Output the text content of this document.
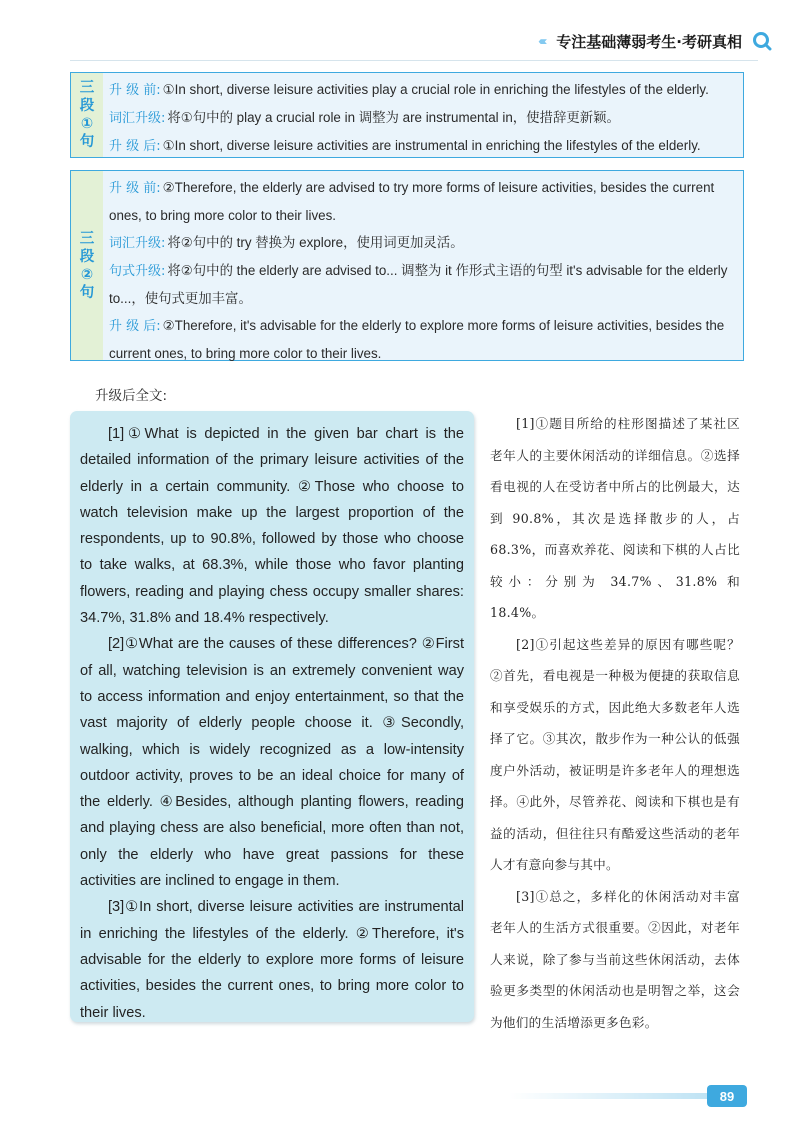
‹‹‹‹‹‹ 专注基础薄弱考生·考研真相
三
段
①
句
升 级 前: ①In short, diverse leisure activities play a crucial role in enriching the lifestyles of the elderly.
词汇升级: 将①句中的 play a crucial role in 调整为 are instrumental in，使措辞更新颖。
升 级 后: ①In short, diverse leisure activities are instrumental in enriching the lifestyles of the elderly.
三
段
②
句
升 级 前: ②Therefore, the elderly are advised to try more forms of leisure activities, besides the current ones, to bring more color to their lives.
词汇升级: 将②句中的 try 替换为 explore，使用词更加灵活。
句式升级: 将②句中的 the elderly are advised to... 调整为 it 作形式主语的句型 it's advisable for the elderly to...，使句式更加丰富。
升 级 后: ②Therefore, it's advisable for the elderly to explore more forms of leisure activities, besides the current ones, to bring more color to their lives.
升级后全文:

[1]①What is depicted in the given bar chart is the detailed information of the primary leisure activities of the elderly in a certain community. ②Those who choose to watch television make up the largest proportion of the respondents, up to 90.8%, followed by those who choose to take walks, at 68.3%, while those who favor planting flowers, reading and playing chess occupy smaller shares: 34.7%, 31.8% and 18.4% respectively.

[2]①What are the causes of these differences? ②First of all, watching television is an extremely convenient way to access information and enjoy entertainment, so that the vast majority of elderly people choose it. ③Secondly, walking, which is widely recognized as a low-intensity outdoor activity, proves to be an ideal choice for many of the elderly. ④Besides, although planting flowers, reading and playing chess are also beneficial, more often than not, only the elderly who have great passions for these activities are inclined to engage in them.

[3]①In short, diverse leisure activities are instrumental in enriching the lifestyles of the elderly. ②Therefore, it's advisable for the elderly to explore more forms of leisure activities, besides the current ones, to bring more color to their lives.

[1]①题目所给的柱形图描述了某社区老年人的主要休闲活动的详细信息。②选择看电视的人在受访者中所占的比例最大，达到 90.8%，其次是选择散步的人，占 68.3%，而喜欢养花、阅读和下棋的人占比较小：分别为 34.7%、31.8% 和 18.4%。

[2]①引起这些差异的原因有哪些呢？②首先，看电视是一种极为便捷的获取信息和享受娱乐的方式，因此绝大多数老年人选择了它。③其次，散步作为一种公认的低强度户外活动，被证明是许多老年人的理想选择。④此外，尽管养花、阅读和下棋也是有益的活动，但往往只有酷爱这些活动的老年人才有意向参与其中。

[3]①总之，多样化的休闲活动对丰富老年人的生活方式很重要。②因此，对老年人来说，除了参与当前这些休闲活动，去体验更多类型的休闲活动也是明智之举，这会为他们的生活增添更多色彩。

89
